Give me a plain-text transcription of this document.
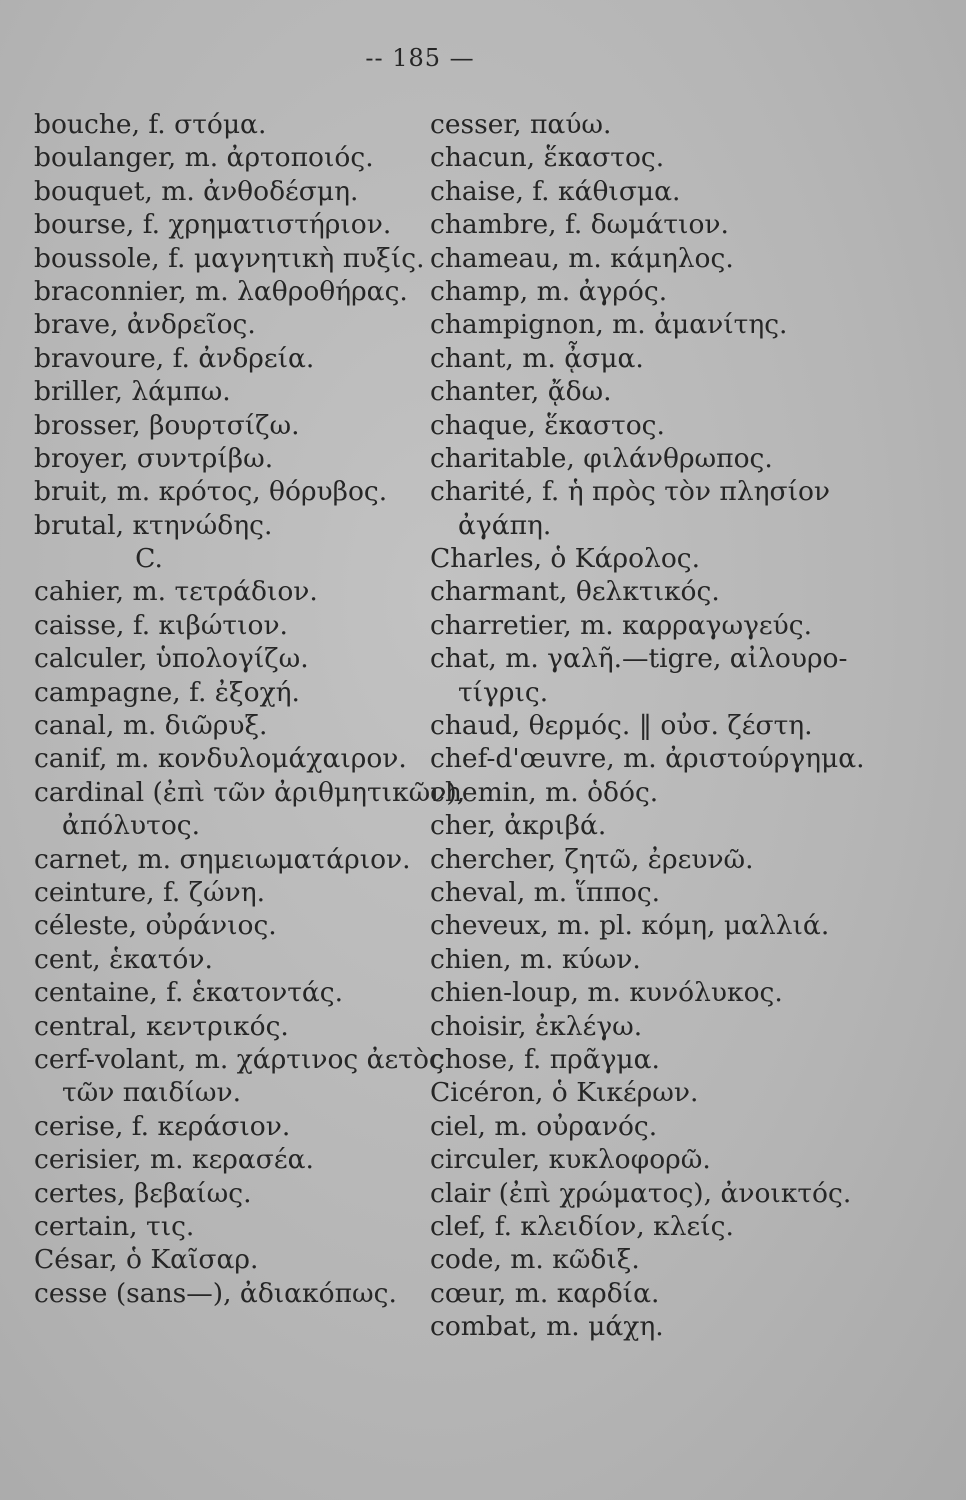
-- 185 —
bouche, f. στόμα.
boulanger, m. ἀρτοποιός.
bouquet, m. ἀνθοδέσμη.
bourse, f. χρηματιστήριον.
boussole, f. μαγνητικὴ πυξίς.
braconnier, m. λαθροθήρας.
brave, ἀνδρεῖος.
bravoure, f. ἀνδρεία.
briller, λάμπω.
brosser, βουρτσίζω.
broyer, συντρίβω.
bruit, m. κρότος, θόρυβος.
brutal, κτηνώδης.
C.
cahier, m. τετράδιον.
caisse, f. κιβώτιον.
calculer, ὑπολογίζω.
campagne, f. ἐξοχή.
canal, m. διῶρυξ.
canif, m. κονδυλομάχαιρον.
cardinal (ἐπὶ τῶν ἀριθμητικῶν),
ἀπόλυτος.
carnet, m. σημειωματάριον.
ceinture, f. ζώνη.
céleste, οὐράνιος.
cent, ἑκατόν.
centaine, f. ἑκατοντάς.
central, κεντρικός.
cerf-volant, m. χάρτινος ἀετὸς
τῶν παιδίων.
cerise, f. κεράσιον.
cerisier, m. κερασέα.
certes, βεβαίως.
certain, τις.
César, ὁ Καῖσαρ.
cesse (sans—), ἀδιακόπως.
cesser, παύω.
chacun, ἕκαστος.
chaise, f. κάθισμα.
chambre, f. δωμάτιον.
chameau, m. κάμηλος.
champ, m. ἀγρός.
champignon, m. ἀμανίτης.
chant, m. ᾆσμα.
chanter, ᾄδω.
chaque, ἕκαστος.
charitable, φιλάνθρωπος.
charité, f. ἡ πρὸς τὸν πλησίον
ἀγάπη.
Charles, ὁ Κάρολος.
charmant, θελκτικός.
charretier, m. καρραγωγεύς.
chat, m. γαλῆ.—tigre, αἰλουρο-
τίγρις.
chaud, θερμός. ‖ οὐσ. ζέστη.
chef-d'œuvre, m. ἀριστούργημα.
chemin, m. ὁδός.
cher, ἀκριβά.
chercher, ζητῶ, ἐρευνῶ.
cheval, m. ἵππος.
cheveux, m. pl. κόμη, μαλλιά.
chien, m. κύων.
chien-loup, m. κυνόλυκος.
choisir, ἐκλέγω.
chose, f. πρᾶγμα.
Cicéron, ὁ Κικέρων.
ciel, m. οὐρανός.
circuler, κυκλοφορῶ.
clair (ἐπὶ χρώματος), ἀνοικτός.
clef, f. κλειδίον, κλείς.
code, m. κῶδιξ.
cœur, m. καρδία.
combat, m. μάχη.
